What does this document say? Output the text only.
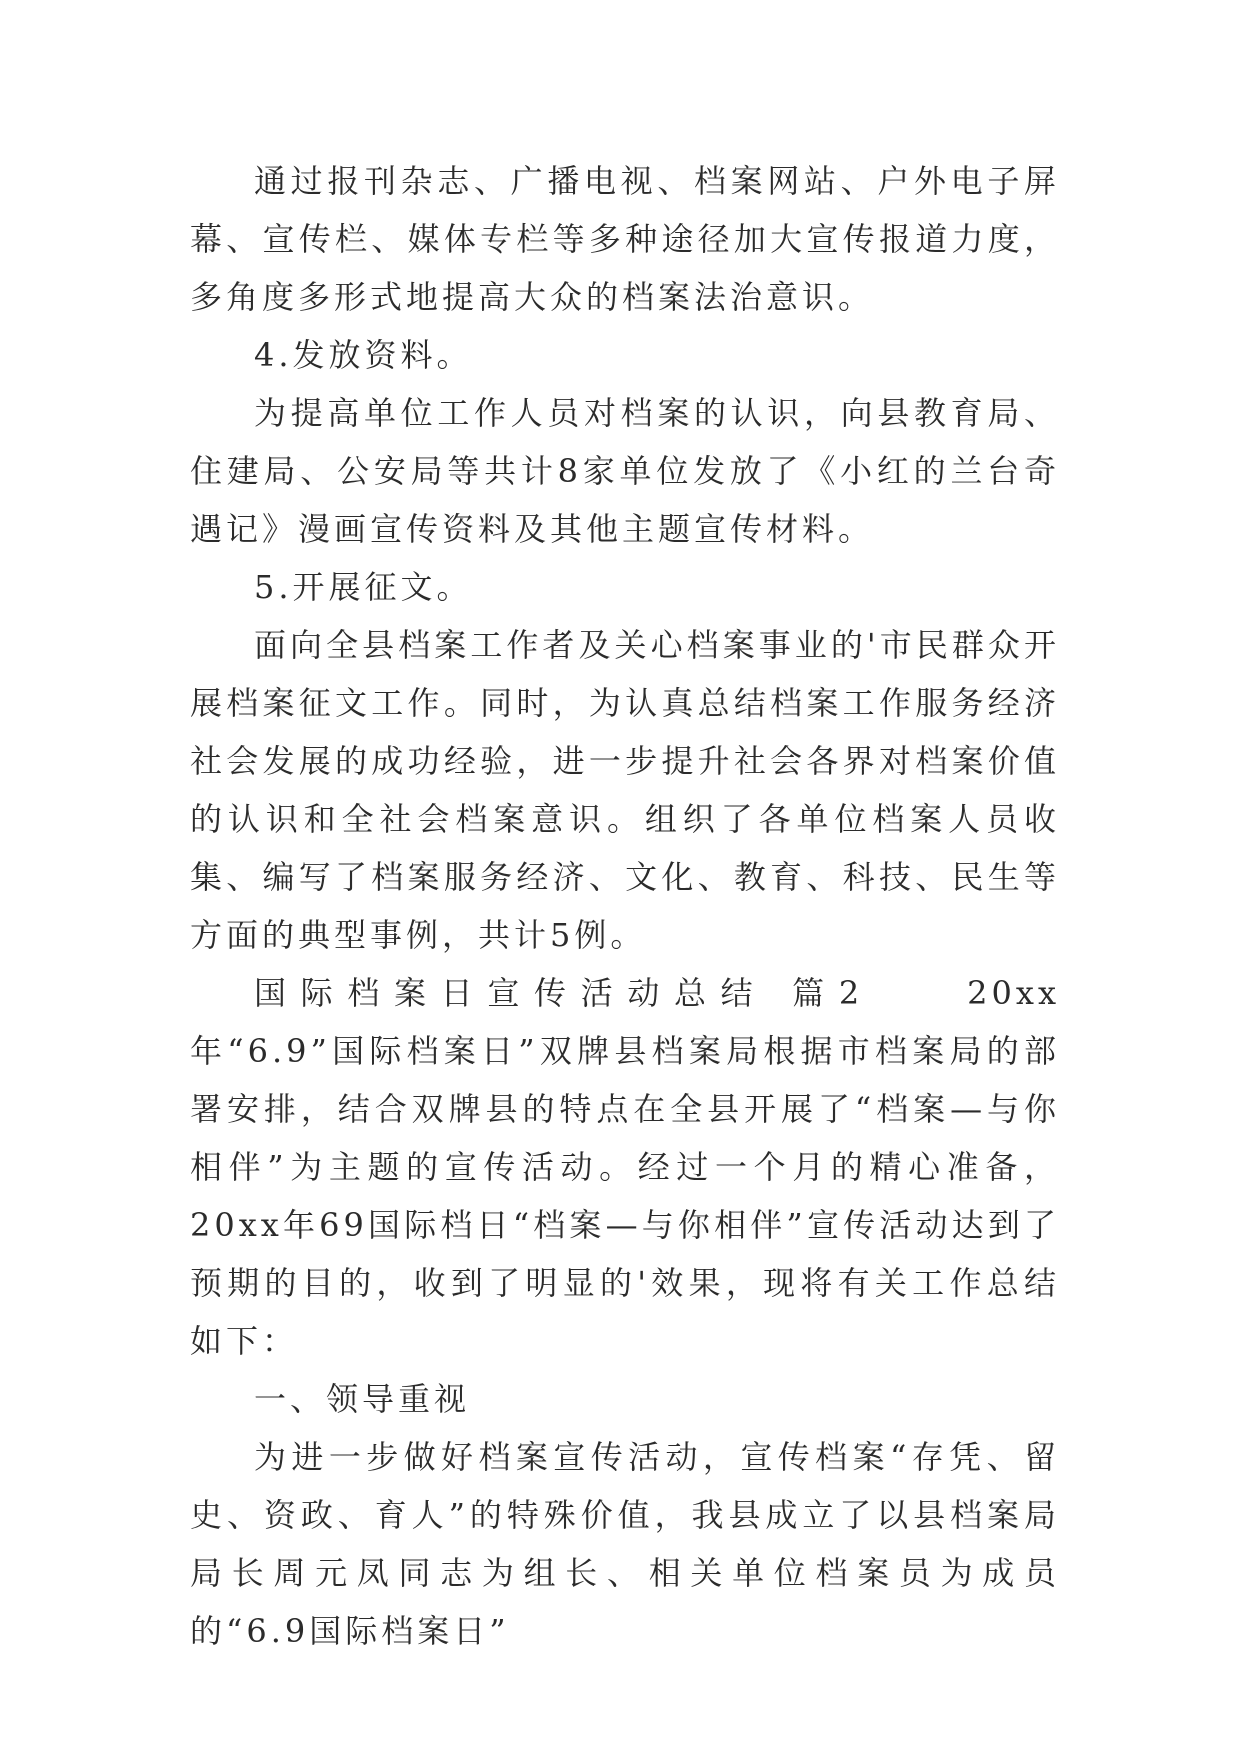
通过报刊杂志、广播电视、档案网站、户外电子屏幕、宣传栏、媒体专栏等多种途径加大宣传报道力度，多角度多形式地提高大众的档案法治意识。

4.发放资料。

为提高单位工作人员对档案的认识，向县教育局、住建局、公安局等共计8家单位发放了《小红的兰台奇遇记》漫画宣传资料及其他主题宣传材料。

5.开展征文。

面向全县档案工作者及关心档案事业的'市民群众开展档案征文工作。同时，为认真总结档案工作服务经济社会发展的成功经验，进一步提升社会各界对档案价值的认识和全社会档案意识。组织了各单位档案人员收集、编写了档案服务经济、文化、教育、科技、民生等方面的典型事例，共计5例。

国际档案日宣传活动总结 篇2　　20xx年“6.9”国际档案日”双牌县档案局根据市档案局的部署安排，结合双牌县的特点在全县开展了“档案—与你相伴”为主题的宣传活动。经过一个月的精心准备，20xx年69国际档日“档案—与你相伴”宣传活动达到了预期的目的，收到了明显的'效果，现将有关工作总结如下：

一、领导重视

为进一步做好档案宣传活动，宣传档案“存凭、留史、资政、育人”的特殊价值，我县成立了以县档案局局长周元凤同志为组长、相关单位档案员为成员的“6.9国际档案日”
